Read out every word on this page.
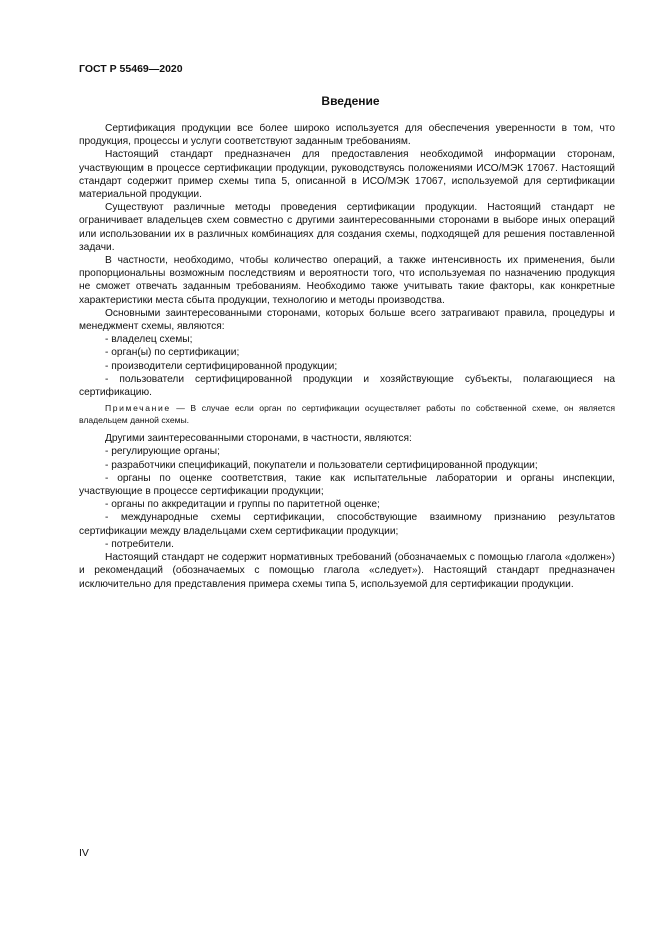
ГОСТ Р 55469—2020
Введение

Сертификация продукции все более широко используется для обеспечения уверенности в том, что продукция, процессы и услуги соответствуют заданным требованиям.

Настоящий стандарт предназначен для предоставления необходимой информации сторонам, участвующим в процессе сертификации продукции, руководствуясь положениями ИСО/МЭК 17067. Настоящий стандарт содержит пример схемы типа 5, описанной в ИСО/МЭК 17067, используемой для сертификации материальной продукции.

Существуют различные методы проведения сертификации продукции. Настоящий стандарт не ограничивает владельцев схем совместно с другими заинтересованными сторонами в выборе иных операций или использовании их в различных комбинациях для создания схемы, подходящей для решения поставленной задачи.

В частности, необходимо, чтобы количество операций, а также интенсивность их применения, были пропорциональны возможным последствиям и вероятности того, что используемая по назначению продукция не сможет отвечать заданным требованиям. Необходимо также учитывать такие факторы, как конкретные характеристики места сбыта продукции, технологию и методы производства.

Основными заинтересованными сторонами, которых больше всего затрагивают правила, процедуры и менеджмент схемы, являются:

- владелец схемы;

- орган(ы) по сертификации;

- производители сертифицированной продукции;

- пользователи сертифицированной продукции и хозяйствующие субъекты, полагающиеся на сертификацию.

Примечание — В случае если орган по сертификации осуществляет работы по собственной схеме, он является владельцем данной схемы.

Другими заинтересованными сторонами, в частности, являются:

- регулирующие органы;

- разработчики спецификаций, покупатели и пользователи сертифицированной продукции;

- органы по оценке соответствия, такие как испытательные лаборатории и органы инспекции, участвующие в процессе сертификации продукции;

- органы по аккредитации и группы по паритетной оценке;

- международные схемы сертификации, способствующие взаимному признанию результатов сертификации между владельцами схем сертификации продукции;

- потребители.

Настоящий стандарт не содержит нормативных требований (обозначаемых с помощью глагола «должен») и рекомендаций (обозначаемых с помощью глагола «следует»). Настоящий стандарт предназначен исключительно для представления примера схемы типа 5, используемой для сертификации продукции.

IV
